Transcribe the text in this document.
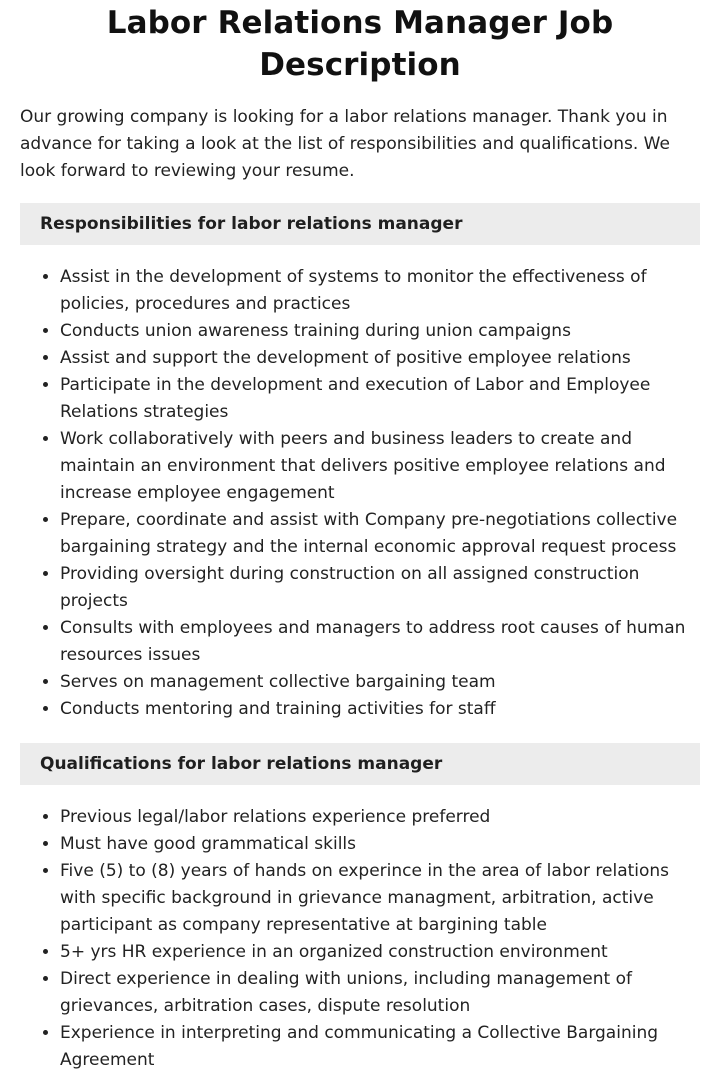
Labor Relations Manager Job Description

Our growing company is looking for a labor relations manager. Thank you in advance for taking a look at the list of responsibilities and qualifications. We look forward to reviewing your resume.

Responsibilities for labor relations manager
• Assist in the development of systems to monitor the effectiveness of policies, procedures and practices
• Conducts union awareness training during union campaigns
• Assist and support the development of positive employee relations
• Participate in the development and execution of Labor and Employee Relations strategies
• Work collaboratively with peers and business leaders to create and maintain an environment that delivers positive employee relations and increase employee engagement
• Prepare, coordinate and assist with Company pre-negotiations collective bargaining strategy and the internal economic approval request process
• Providing oversight during construction on all assigned construction projects
• Consults with employees and managers to address root causes of human resources issues
• Serves on management collective bargaining team
• Conducts mentoring and training activities for staff
Qualifications for labor relations manager
• Previous legal/labor relations experience preferred
• Must have good grammatical skills
• Five (5) to (8) years of hands on experince in the area of labor relations with specific background in grievance managment, arbitration, active participant as company representative at bargining table
• 5+ yrs HR experience in an organized construction environment
• Direct experience in dealing with unions, including management of grievances, arbitration cases, dispute resolution
• Experience in interpreting and communicating a Collective Bargaining Agreement
